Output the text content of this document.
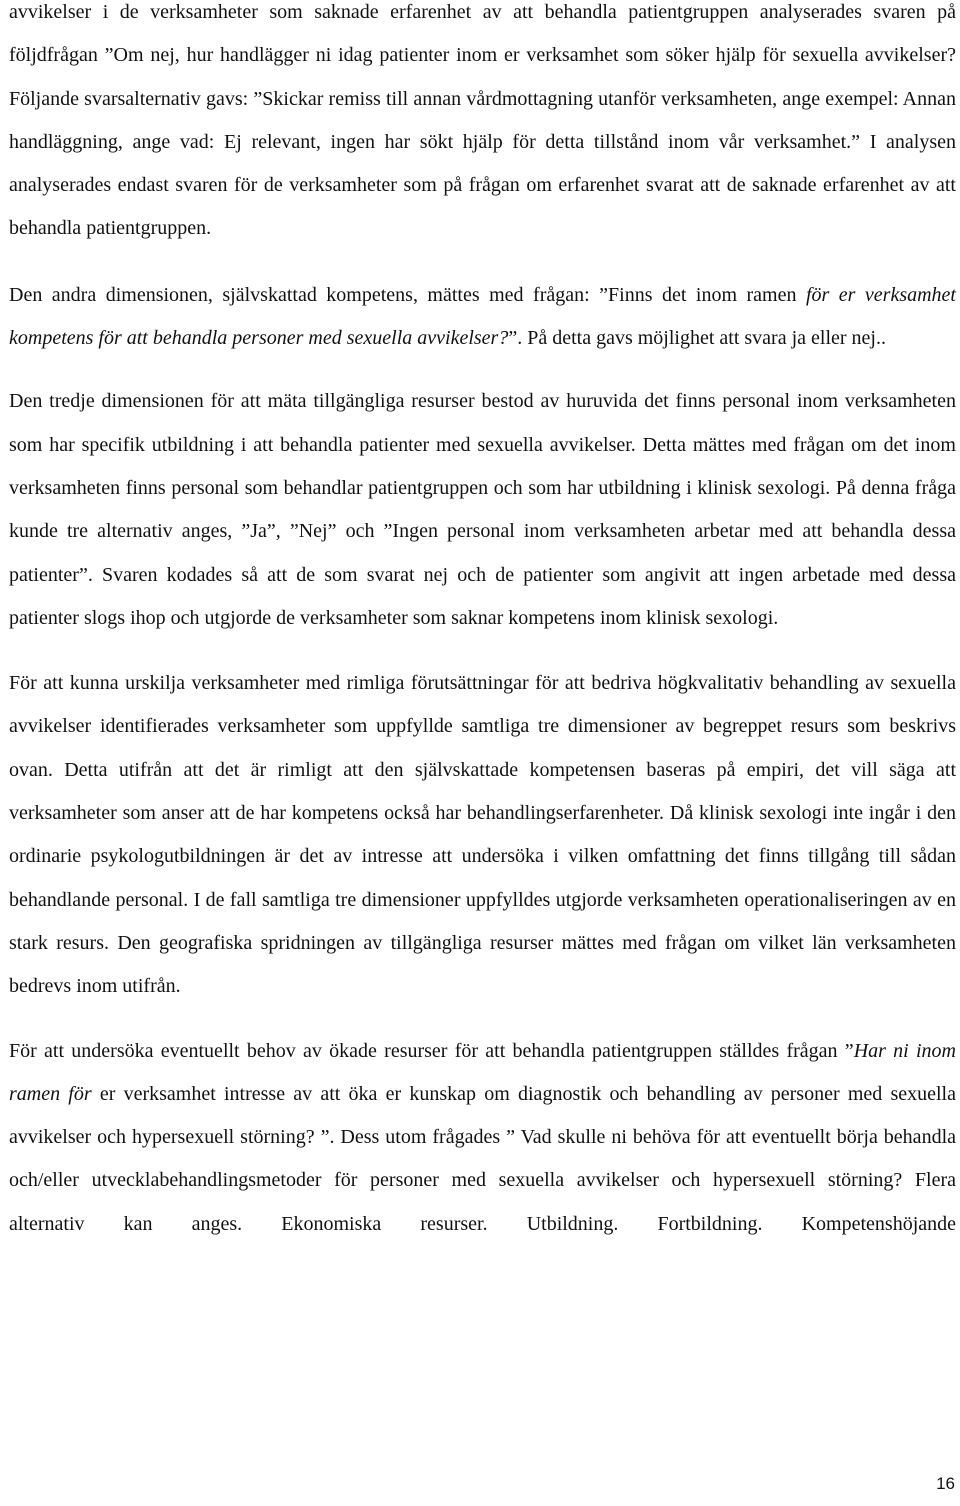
avvikelser i de verksamheter som saknade erfarenhet av att behandla patientgruppen analyserades svaren på följdfrågan ”Om nej, hur handlägger ni idag patienter inom er verksamhet som söker hjälp för sexuella avvikelser? Följande svarsalternativ gavs: ”Skickar remiss till annan vårdmottagning utanför verksamheten, ange exempel: Annan handläggning, ange vad: Ej relevant, ingen har sökt hjälp för detta tillstånd inom vår verksamhet.” I analysen analyserades endast svaren för de verksamheter som på frågan om erfarenhet svarat att de saknade erfarenhet av att behandla patientgruppen.

Den andra dimensionen, självskattad kompetens, mättes med frågan: ”Finns det inom ramen för er verksamhet kompetens för att behandla personer med sexuella avvikelser?”. På detta gavs möjlighet att svara ja eller nej..

Den tredje dimensionen för att mäta tillgängliga resurser bestod av huruvida det finns personal inom verksamheten som har specifik utbildning i att behandla patienter med sexuella avvikelser. Detta mättes med frågan om det inom verksamheten finns personal som behandlar patientgruppen och som har utbildning i klinisk sexologi. På denna fråga kunde tre alternativ anges, ”Ja”, ”Nej” och ”Ingen personal inom verksamheten arbetar med att behandla dessa patienter”. Svaren kodades så att de som svarat nej och de patienter som angivit att ingen arbetade med dessa patienter slogs ihop och utgjorde de verksamheter som saknar kompetens inom klinisk sexologi.

För att kunna urskilja verksamheter med rimliga förutsättningar för att bedriva högkvalitativ behandling av sexuella avvikelser identifierades verksamheter som uppfyllde samtliga tre dimensioner av begreppet resurs som beskrivs ovan. Detta utifrån att det är rimligt att den självskattade kompetensen baseras på empiri, det vill säga att verksamheter som anser att de har kompetens också har behandlingserfarenheter. Då klinisk sexologi inte ingår i den ordinarie psykologutbildningen är det av intresse att undersöka i vilken omfattning det finns tillgång till sådan behandlande personal. I de fall samtliga tre dimensioner uppfylldes utgjorde verksamheten operationaliseringen av en stark resurs. Den geografiska spridningen av tillgängliga resurser mättes med frågan om vilket län verksamheten bedrevs inom utifrån.

För att undersöka eventuellt behov av ökade resurser för att behandla patientgruppen ställdes frågan ”Har ni inom ramen för er verksamhet intresse av att öka er kunskap om diagnostik och behandling av personer med sexuella avvikelser och hypersexuell störning? ”. Dess utom frågades ” Vad skulle ni behöva för att eventuellt börja behandla och/eller utvecklabehandlingsmetoder för personer med sexuella avvikelser och hypersexuell störning? Flera alternativ kan anges. Ekonomiska resurser. Utbildning. Fortbildning. Kompetenshöjande

16
